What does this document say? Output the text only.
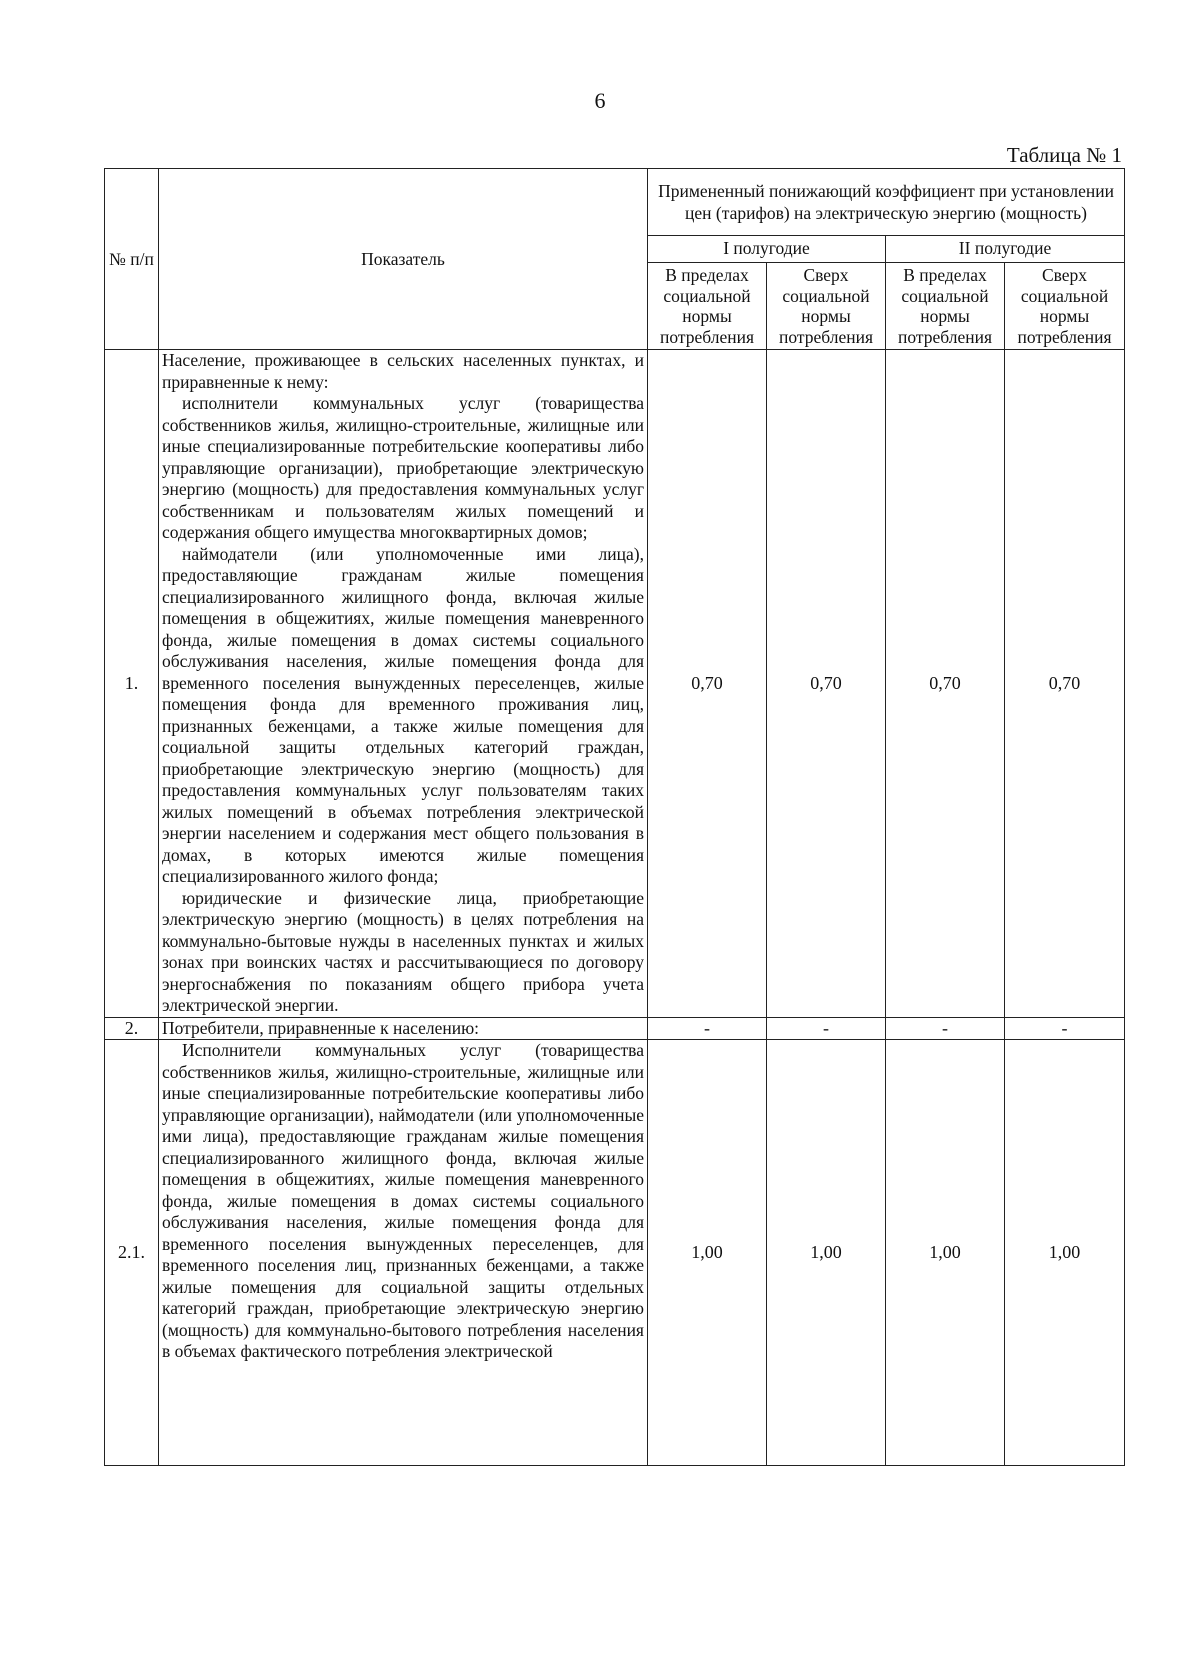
6
Таблица № 1
№ п/п	Показатель	Примененный понижающий коэффициент при установлении цен (тарифов) на электрическую энергию (мощность)			
		I полугодие		II полугодие	
		В пределах социальной нормы потребления	Сверх социальной нормы потребления	В пределах социальной нормы потребления	Сверх социальной нормы потребления
1.	Население, проживающее в сельских населенных пунктах, и приравненные к нему:

исполнители коммунальных услуг (товарищества собственников жилья, жилищно-строительные, жилищные или иные специализированные потребительские кооперативы либо управляющие организации), приобретающие электрическую энергию (мощность) для предоставления коммунальных услуг собственникам и пользователям жилых помещений и содержания общего имущества многоквартирных домов;

наймодатели (или уполномоченные ими лица), предоставляющие гражданам жилые помещения специализированного жилищного фонда, включая жилые помещения в общежитиях, жилые помещения маневренного фонда, жилые помещения в домах системы социального обслуживания населения, жилые помещения фонда для временного поселения вынужденных переселенцев, жилые помещения фонда для временного проживания лиц, признанных беженцами, а также жилые помещения для социальной защиты отдельных категорий граждан, приобретающие электрическую энергию (мощность) для предоставления коммунальных услуг пользователям таких жилых помещений в объемах потребления электрической энергии населением и содержания мест общего пользования в домах, в которых имеются жилые помещения специализированного жилого фонда;

юридические и физические лица, приобретающие электрическую энергию (мощность) в целях потребления на коммунально-бытовые нужды в населенных пунктах и жилых зонах при воинских частях и рассчитывающиеся по договору энергоснабжения по показаниям общего прибора учета электрической энергии.	0,70	0,70	0,70	0,70
2.	Потребители, приравненные к населению:	-	-	-	-
2.1.	Исполнители коммунальных услуг (товарищества собственников жилья, жилищно-строительные, жилищные или иные специализированные потребительские кооперативы либо управляющие организации), наймодатели (или уполномоченные ими лица), предоставляющие гражданам жилые помещения специализированного жилищного фонда, включая жилые помещения в общежитиях, жилые помещения маневренного фонда, жилые помещения в домах системы социального обслуживания населения, жилые помещения фонда для временного поселения вынужденных переселенцев, для временного поселения лиц, признанных беженцами, а также жилые помещения для социальной защиты отдельных категорий граждан, приобретающие электрическую энергию (мощность) для коммунально-бытового потребления населения в объемах фактического потребления электрической	1,00	1,00	1,00	1,00
